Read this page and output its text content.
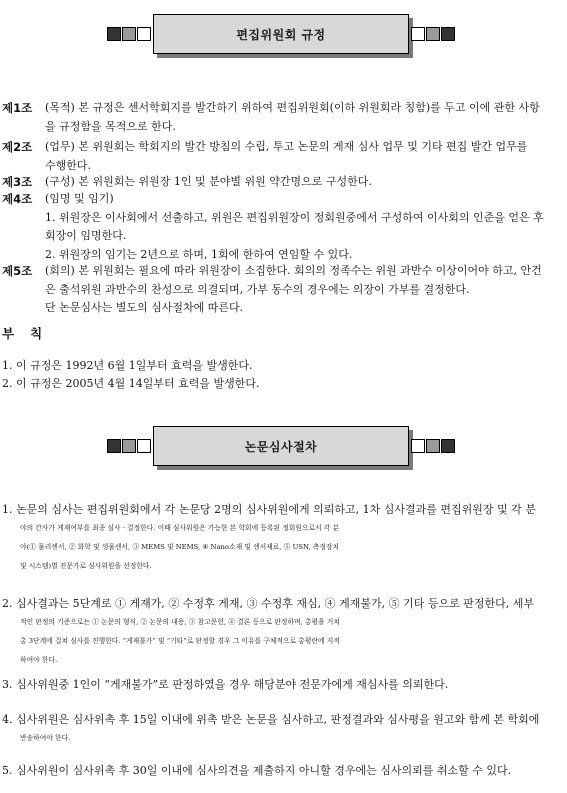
편집위원회 규정
제1조 (목적) 본 규정은 센서학회지를 발간하기 위하여 편집위원회(이하 위원회라 칭함)를 두고 이에 관한 사항
을 규정함을 목적으로 한다.
제2조 (업무) 본 위원회는 학회지의 발간 방침의 수립, 투고 논문의 게재 심사 업무 및 기타 편집 발간 업무를
수행한다.
제3조 (구성) 본 위원회는 위원장 1인 및 분야별 위원 약간명으로 구성한다.
제4조 (임명 및 임기)
1. 위원장은 이사회에서 선출하고, 위원은 편집위원장이 정회원중에서 구성하여 이사회의 인준을 얻은 후
회장이 임명한다.
2. 위원장의 임기는 2년으로 하며, 1회에 한하여 연임할 수 있다.
제5조 (회의) 본 위원회는 필요에 따라 위원장이 소집한다. 회의의 정족수는 위원 과반수 이상이어야 하고, 안건
은 출석위원 과반수의 찬성으로 의결되며, 가부 동수의 경우에는 의장이 가부를 결정한다.
단 논문심사는 별도의 심사절차에 따른다.
부칙
1. 이 규정은 1992년 6월 1일부터 효력을 발생한다.
2. 이 규정은 2005년 4월 14일부터 효력을 발생한다.
논문심사절차
1. 논문의 심사는 편집위원회에서 각 논문당 2명의 심사위원에게 의뢰하고, 1차 심사결과를 편집위원장 및 각 분
야의 간사가 게재여부를 최종 심사 · 결정한다. 이때 심사위원은 가능한 본 학회에 등록된 정회원으로서 각 분
야(① 물리센서, ② 화학 및 생물센서, ③ MEMS 및 NEMS, ④ Nano소재 및 센서재료, ⑤ USN, 측정장치
및 시스템)별 전문가로 심사위원을 선정한다.
2. 심사결과는 5단계로 ① 게재가, ② 수정후 게재, ③ 수정후 재심, ④ 게재불가, ⑤ 기타 등으로 판정한다, 세부
적인 판정의 기준으로는 ① 논문의 형식, ② 논문의 내용, ③ 참고문헌, ④ 결론 등으로 판정하며, 총평을 거쳐
총 3단계에 걸쳐 심사를 진행한다. “게재불가” 및 “기타”로 판정할 경우 그 이유를 구체적으로 총평란에 지적
하여야 한다.
3. 심사위원중 1인이 “게재불가”로 판정하였을 경우 해당분야 전문가에게 재심사를 의뢰한다.
4. 심사위원은 심사위촉 후 15일 이내에 위촉 받은 논문을 심사하고, 판정결과와 심사평을 원고와 함께 본 학회에
반송하여야 한다.
5. 심사위원이 심사위촉 후 30일 이내에 심사의견을 제출하지 아니할 경우에는 심사의뢰를 취소할 수 있다.
